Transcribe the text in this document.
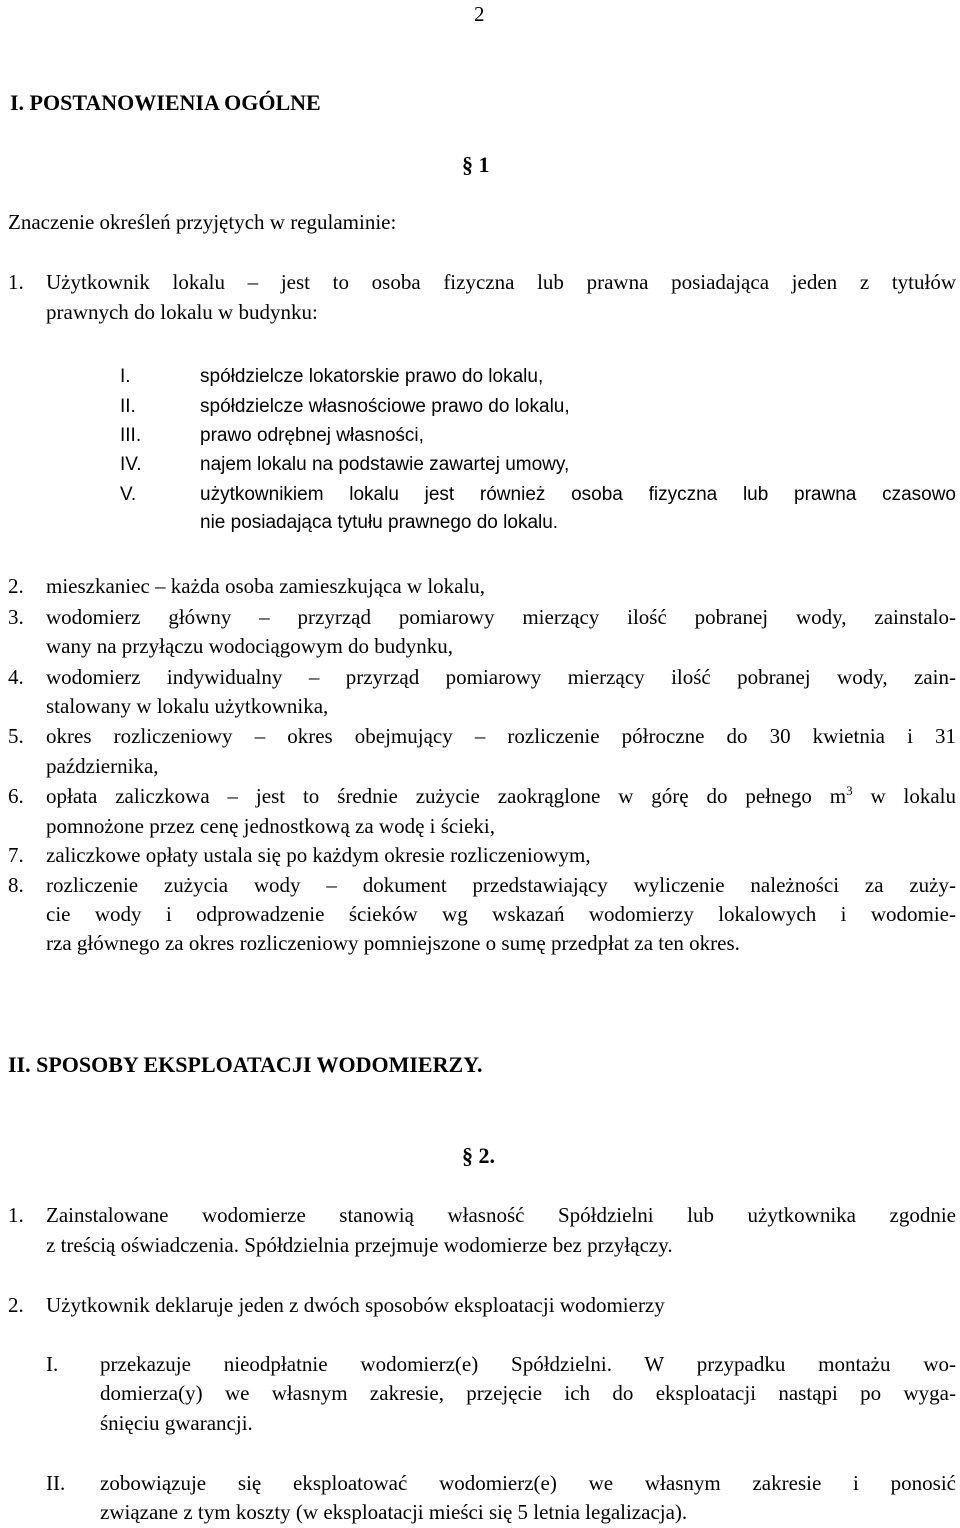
2
I. POSTANOWIENIA OGÓLNE
§ 1
Znaczenie określeń przyjętych w regulaminie:
1. Użytkownik lokalu – jest to osoba fizyczna lub prawna posiadająca jeden z tytułów
prawnych do lokalu w budynku:
I.	spółdzielcze lokatorskie prawo do lokalu,
II.	spółdzielcze własnościowe prawo do lokalu,
III.	prawo odrębnej własności,
IV.	najem lokalu na podstawie zawartej umowy,
V.	użytkownikiem lokalu jest również osoba fizyczna lub prawna czasowo
nie posiadająca tytułu prawnego do lokalu.
2. mieszkaniec – każda osoba zamieszkująca w lokalu,
3. wodomierz główny – przyrząd pomiarowy mierzący ilość pobranej wody, zainstalo-
wany na przyłączu wodociągowym do budynku,
4. wodomierz indywidualny – przyrząd pomiarowy mierzący ilość pobranej wody, zain-
stalowany w lokalu użytkownika,
5. okres rozliczeniowy – okres obejmujący – rozliczenie półroczne do 30 kwietnia i 31
października,
6. opłata zaliczkowa – jest to średnie zużycie zaokrąglone w górę do pełnego $m^3$ w lokalu
pomnożone przez cenę jednostkową za wodę i ścieki,
7. zaliczkowe opłaty ustala się po każdym okresie rozliczeniowym,
8. rozliczenie zużycia wody – dokument przedstawiający wyliczenie należności za zuży-
cie wody i odprowadzenie ścieków wg wskazań wodomierzy lokalowych i wodomie-
rza głównego za okres rozliczeniowy pomniejszone o sumę przedpłat za ten okres.
II. SPOSOBY EKSPLOATACJI WODOMIERZY.
§ 2.
1. Zainstalowane wodomierze stanowią własność Spółdzielni lub użytkownika zgodnie
z treścią oświadczenia. Spółdzielnia przejmuje wodomierze bez przyłączy.
2. Użytkownik deklaruje jeden z dwóch sposobów eksploatacji wodomierzy
I. przekazuje nieodpłatnie wodomierz(e) Spółdzielni. W przypadku montażu wo-
domierza(y) we własnym zakresie, przejęcie ich do eksploatacji nastąpi po wyga-
śnięciu gwarancji.
II. zobowiązuje się eksploatować wodomierz(e) we własnym zakresie i ponosić
związane z tym koszty (w eksploatacji mieści się 5 letnia legalizacja).
